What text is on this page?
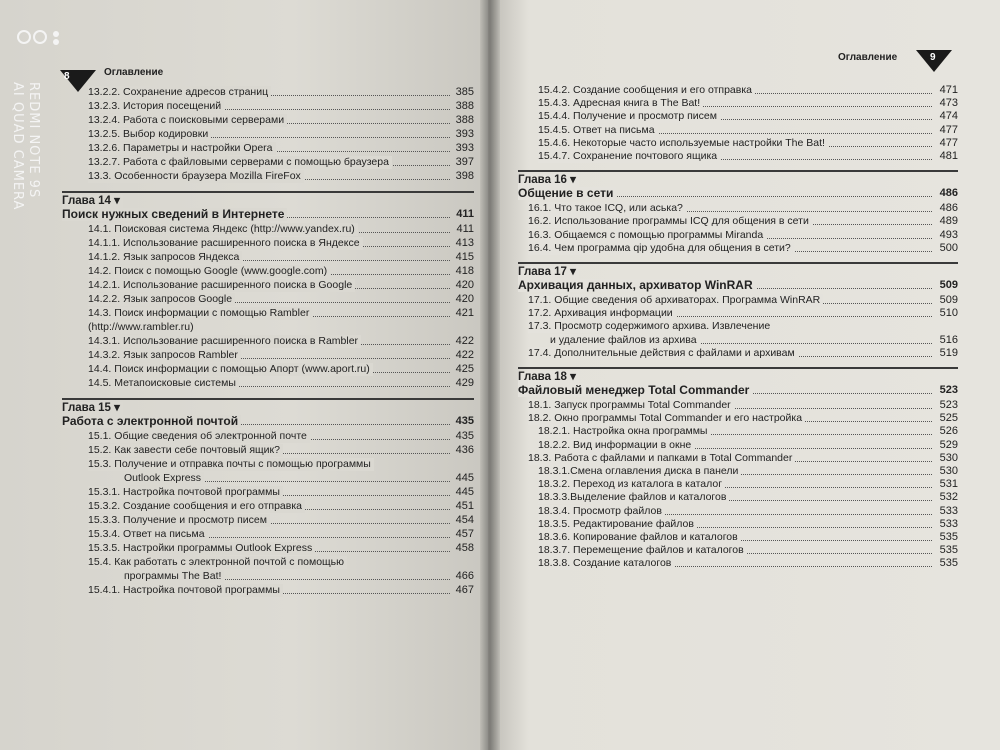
8	Оглавление
13.2.2. Сохранение адресов страниц	385
13.2.3. История посещений	388
13.2.4. Работа с поисковыми серверами	388
13.2.5. Выбор кодировки	393
13.2.6. Параметры и настройки Opera	393
13.2.7. Работа с файловыми серверами с помощью браузера	397
13.3. Особенности браузера Mozilla FireFox	398
Глава 14 ▾
Поиск нужных сведений в Интернете	411
14.1. Поисковая система Яндекс (http://www.yandex.ru)	411
14.1.1. Использование расширенного поиска в Яндексе	413
14.1.2. Язык запросов Яндекса	415
14.2. Поиск с помощью Google (www.google.com)	418
14.2.1. Использование расширенного поиска в Google	420
14.2.2. Язык запросов Google	420
14.3. Поиск информации с помощью Rambler	421
(http://www.rambler.ru)
14.3.1. Использование расширенного поиска в Rambler	422
14.3.2. Язык запросов Rambler	422
14.4. Поиск информации с помощью Апорт (www.aport.ru)	425
14.5. Метапоисковые системы	429
Глава 15 ▾
Работа с электронной почтой	435
15.1. Общие сведения об электронной почте	435
15.2. Как завести себе почтовый ящик?	436
15.3. Получение и отправка почты с помощью программы
Outlook Express	445
15.3.1. Настройка почтовой программы	445
15.3.2. Создание сообщения и его отправка	451
15.3.3. Получение и просмотр писем	454
15.3.4. Ответ на письма	457
15.3.5. Настройки программы Outlook Express	458
15.4. Как работать с электронной почтой с помощью
программы The Bat!	466
15.4.1. Настройка почтовой программы	467
Оглавление	9
15.4.2. Создание сообщения и его отправка	471
15.4.3. Адресная книга в The Bat!	473
15.4.4. Получение и просмотр писем	474
15.4.5. Ответ на письма	477
15.4.6. Некоторые часто используемые настройки The Bat!	477
15.4.7. Сохранение почтового ящика	481
Глава 16 ▾
Общение в сети	486
16.1. Что такое ICQ, или аська?	486
16.2. Использование программы ICQ для общения в сети	489
16.3. Общаемся с помощью программы Miranda	493
16.4. Чем программа qip удобна для общения в сети?	500
Глава 17 ▾
Архивация данных, архиватор WinRAR	509
17.1. Общие сведения об архиваторах. Программа WinRAR	509
17.2. Архивация информации	510
17.3. Просмотр содержимого архива. Извлечение
и удаление файлов из архива	516
17.4. Дополнительные действия с файлами и архивам	519
Глава 18 ▾
Файловый менеджер Total Commander	523
18.1. Запуск программы Total Commander	523
18.2. Окно программы Total Commander и его настройка	525
18.2.1. Настройка окна программы	526
18.2.2. Вид информации в окне	529
18.3. Работа с файлами и папками в Total Commander	530
18.3.1.Смена оглавления диска в панели	530
18.3.2. Переход из каталога в каталог	531
18.3.3.Выделение файлов и каталогов	532
18.3.4. Просмотр файлов	533
18.3.5. Редактирование файлов	533
18.3.6. Копирование файлов и каталогов	535
18.3.7. Перемещение файлов и каталогов	535
18.3.8. Создание каталогов	535
REDMI NOTE 9S
AI QUAD CAMERA
